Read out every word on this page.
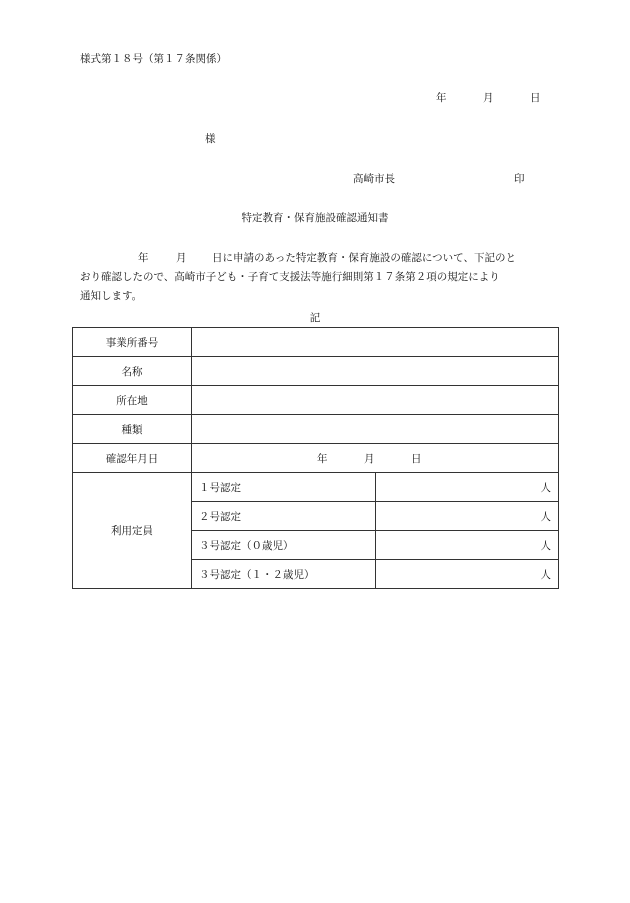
様式第１８号（第１７条関係）
年	月	日
様
高崎市長	印
特定教育・保育施設確認通知書
年	月 日に申請のあった特定教育・保育施設の確認について、下記のと
おり確認したので、高崎市子ども・子育て支援法等施行細則第１７条第２項の規定により
通知します。
記
事業所番号		
名称		
所在地		
種類		
確認年月日	年 月 日	

利用定員	１号認定	人
	２号認定	人
	３号認定（０歳児）	人
	３号認定（１・２歳児）	人
